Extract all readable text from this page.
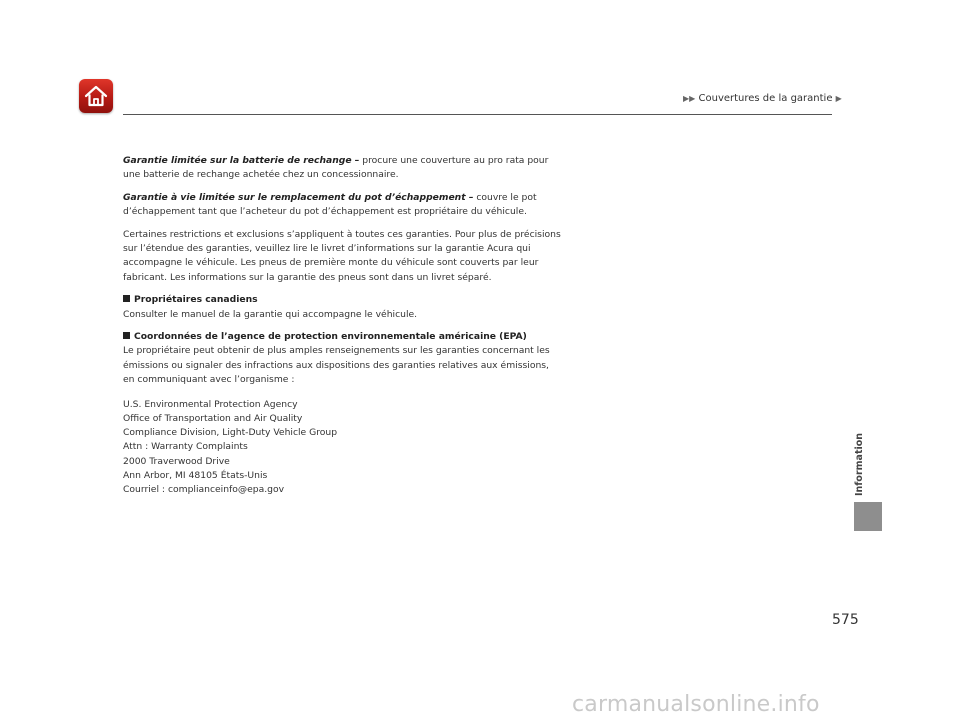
▶▶ Couvertures de la garantie ▶

Garantie limitée sur la batterie de rechange – procure une couverture au pro rata pour une batterie de rechange achetée chez un concessionnaire.

Garantie à vie limitée sur le remplacement du pot d’échappement – couvre le pot d’échappement tant que l’acheteur du pot d’échappement est propriétaire du véhicule.

Certaines restrictions et exclusions s’appliquent à toutes ces garanties. Pour plus de précisions sur l’étendue des garanties, veuillez lire le livret d’informations sur la garantie Acura qui accompagne le véhicule. Les pneus de première monte du véhicule sont couverts par leur fabricant. Les informations sur la garantie des pneus sont dans un livret séparé.

Propriétaires canadiens

Consulter le manuel de la garantie qui accompagne le véhicule.

Coordonnées de l’agence de protection environnementale américaine (EPA)

Le propriétaire peut obtenir de plus amples renseignements sur les garanties concernant les émissions ou signaler des infractions aux dispositions des garanties relatives aux émissions, en communiquant avec l’organisme :

U.S. Environmental Protection Agency
Office of Transportation and Air Quality
Compliance Division, Light-Duty Vehicle Group
Attn : Warranty Complaints
2000 Traverwood Drive
Ann Arbor, MI 48105 États-Unis
Courriel : complianceinfo@epa.gov	Information
575
carmanualsonline.info
